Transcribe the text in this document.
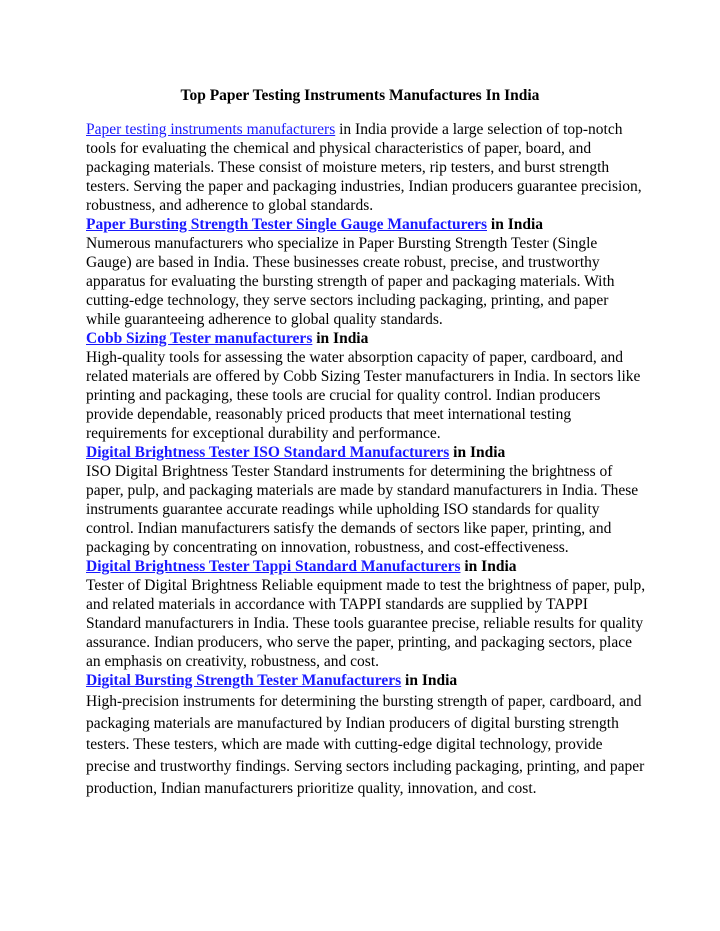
Top Paper Testing Instruments Manufactures In India

Paper testing instruments manufacturers in India provide a large selection of top-notch tools for evaluating the chemical and physical characteristics of paper, board, and packaging materials. These consist of moisture meters, rip testers, and burst strength testers. Serving the paper and packaging industries, Indian producers guarantee precision, robustness, and adherence to global standards.

Paper Bursting Strength Tester Single Gauge Manufacturers in India

Numerous manufacturers who specialize in Paper Bursting Strength Tester (Single Gauge) are based in India. These businesses create robust, precise, and trustworthy apparatus for evaluating the bursting strength of paper and packaging materials. With cutting-edge technology, they serve sectors including packaging, printing, and paper while guaranteeing adherence to global quality standards.

Cobb Sizing Tester manufacturers in India

High-quality tools for assessing the water absorption capacity of paper, cardboard, and related materials are offered by Cobb Sizing Tester manufacturers in India. In sectors like printing and packaging, these tools are crucial for quality control. Indian producers provide dependable, reasonably priced products that meet international testing requirements for exceptional durability and performance.

Digital Brightness Tester ISO Standard Manufacturers in India

ISO Digital Brightness Tester Standard instruments for determining the brightness of paper, pulp, and packaging materials are made by standard manufacturers in India. These instruments guarantee accurate readings while upholding ISO standards for quality control. Indian manufacturers satisfy the demands of sectors like paper, printing, and packaging by concentrating on innovation, robustness, and cost-effectiveness.

Digital Brightness Tester Tappi Standard Manufacturers in India

Tester of Digital Brightness Reliable equipment made to test the brightness of paper, pulp, and related materials in accordance with TAPPI standards are supplied by TAPPI Standard manufacturers in India. These tools guarantee precise, reliable results for quality assurance. Indian producers, who serve the paper, printing, and packaging sectors, place an emphasis on creativity, robustness, and cost.

Digital Bursting Strength Tester Manufacturers in India

High-precision instruments for determining the bursting strength of paper, cardboard, and packaging materials are manufactured by Indian producers of digital bursting strength testers. These testers, which are made with cutting-edge digital technology, provide precise and trustworthy findings. Serving sectors including packaging, printing, and paper production, Indian manufacturers prioritize quality, innovation, and cost.
